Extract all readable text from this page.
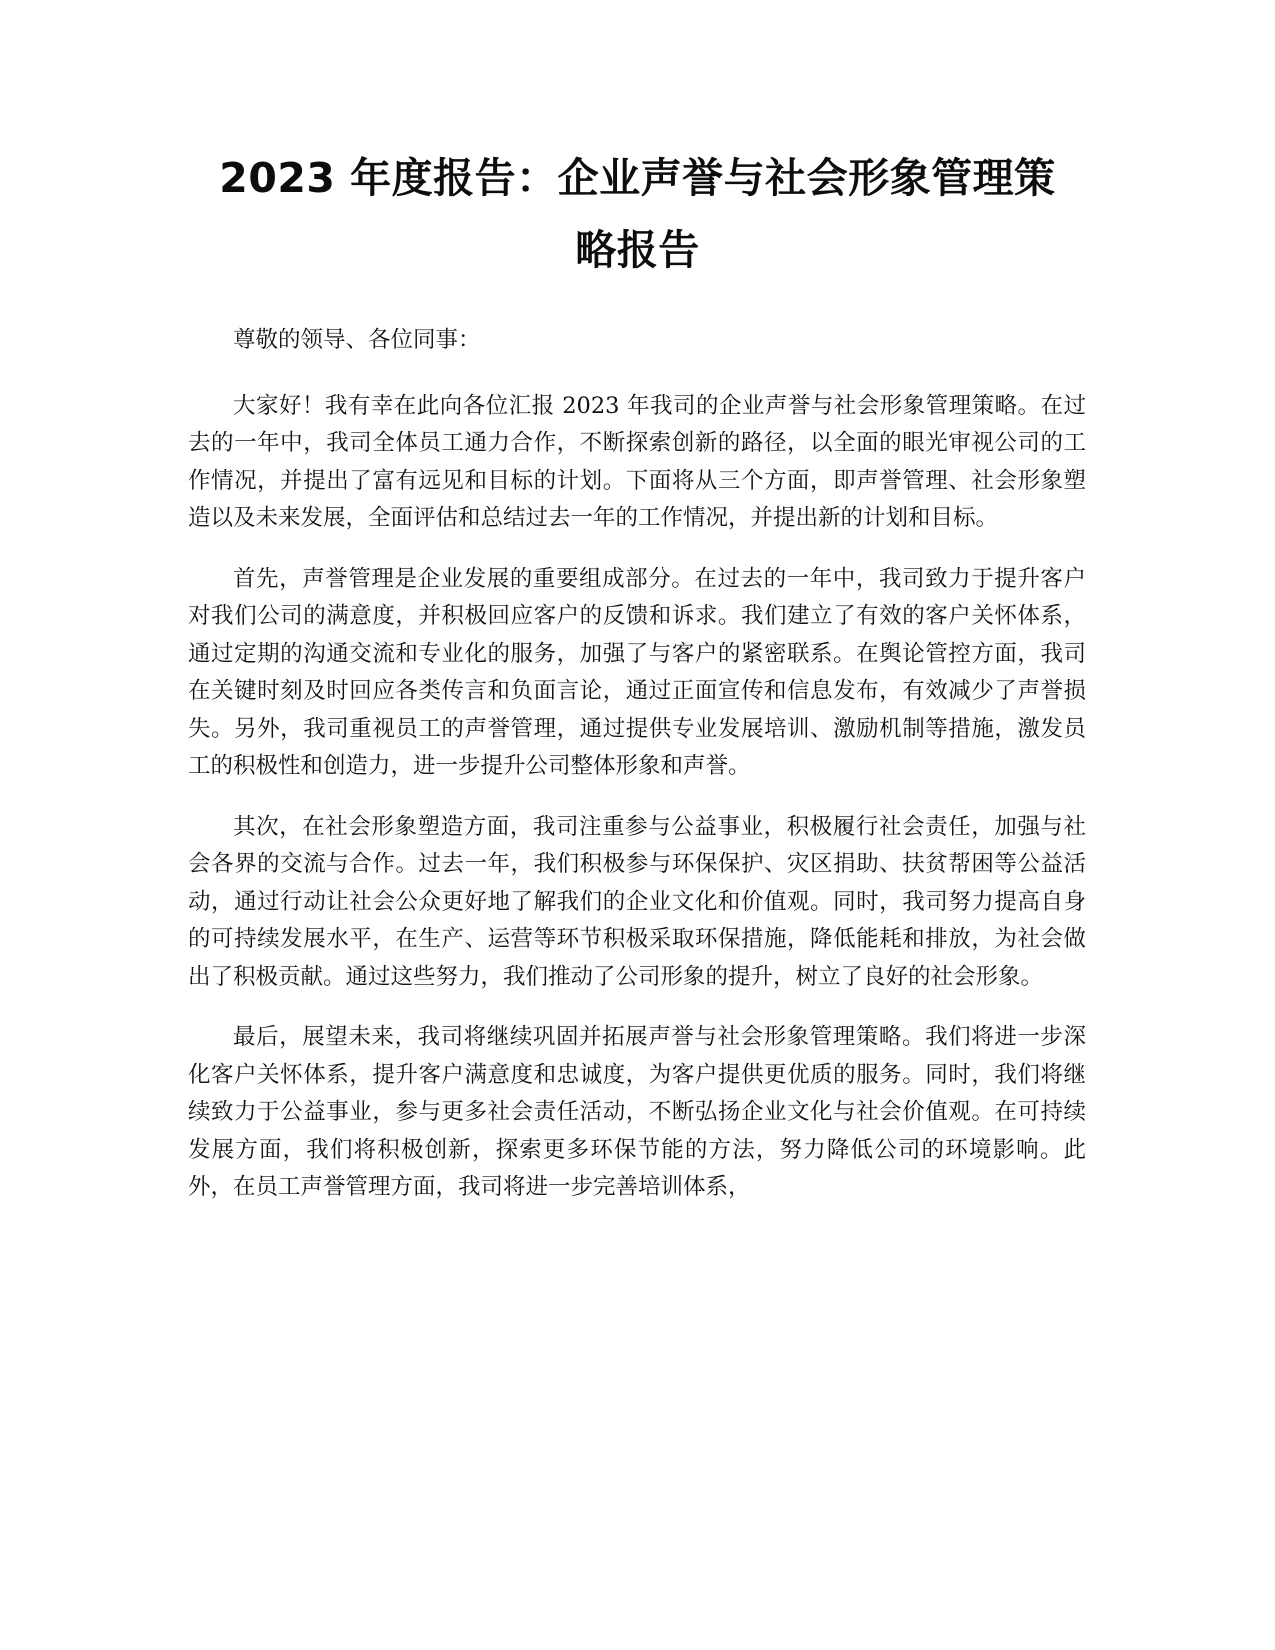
2023 年度报告：企业声誉与社会形象管理策
略报告

尊敬的领导、各位同事：

大家好！我有幸在此向各位汇报 2023 年我司的企业声誉与社会形象管理策略。在过去的一年中，我司全体员工通力合作，不断探索创新的路径，以全面的眼光审视公司的工作情况，并提出了富有远见和目标的计划。下面将从三个方面，即声誉管理、社会形象塑造以及未来发展，全面评估和总结过去一年的工作情况，并提出新的计划和目标。

首先，声誉管理是企业发展的重要组成部分。在过去的一年中，我司致力于提升客户对我们公司的满意度，并积极回应客户的反馈和诉求。我们建立了有效的客户关怀体系，通过定期的沟通交流和专业化的服务，加强了与客户的紧密联系。在舆论管控方面，我司在关键时刻及时回应各类传言和负面言论，通过正面宣传和信息发布，有效减少了声誉损失。另外，我司重视员工的声誉管理，通过提供专业发展培训、激励机制等措施，激发员工的积极性和创造力，进一步提升公司整体形象和声誉。

其次，在社会形象塑造方面，我司注重参与公益事业，积极履行社会责任，加强与社会各界的交流与合作。过去一年，我们积极参与环保保护、灾区捐助、扶贫帮困等公益活动，通过行动让社会公众更好地了解我们的企业文化和价值观。同时，我司努力提高自身的可持续发展水平，在生产、运营等环节积极采取环保措施，降低能耗和排放，为社会做出了积极贡献。通过这些努力，我们推动了公司形象的提升，树立了良好的社会形象。

最后，展望未来，我司将继续巩固并拓展声誉与社会形象管理策略。我们将进一步深化客户关怀体系，提升客户满意度和忠诚度，为客户提供更优质的服务。同时，我们将继续致力于公益事业，参与更多社会责任活动，不断弘扬企业文化与社会价值观。在可持续发展方面，我们将积极创新，探索更多环保节能的方法，努力降低公司的环境影响。此外，在员工声誉管理方面，我司将进一步完善培训体系，
